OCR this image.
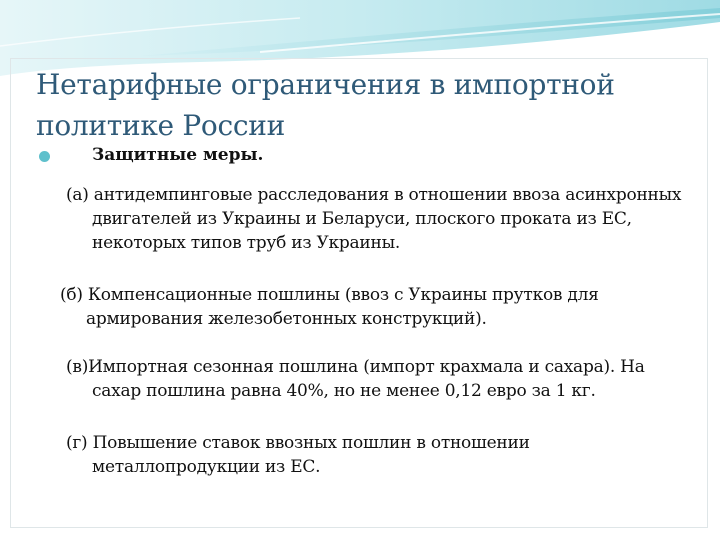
Нетарифные ограничения в импортной политике России
Защитные меры.
(а) антидемпинговые расследования в отношении ввоза асинхронных двигателей из Украины и Беларуси, плоского проката из ЕС, некоторых типов труб из Украины.
(б) Компенсационные пошлины (ввоз с Украины прутков для армирования железобетонных конструкций).
(в)Импортная сезонная пошлина (импорт крахмала и сахара). На сахар пошлина равна 40%, но не менее 0,12 евро за 1 кг.
(г) Повышение ставок ввозных пошлин в отношении металлопродукции из ЕС.
